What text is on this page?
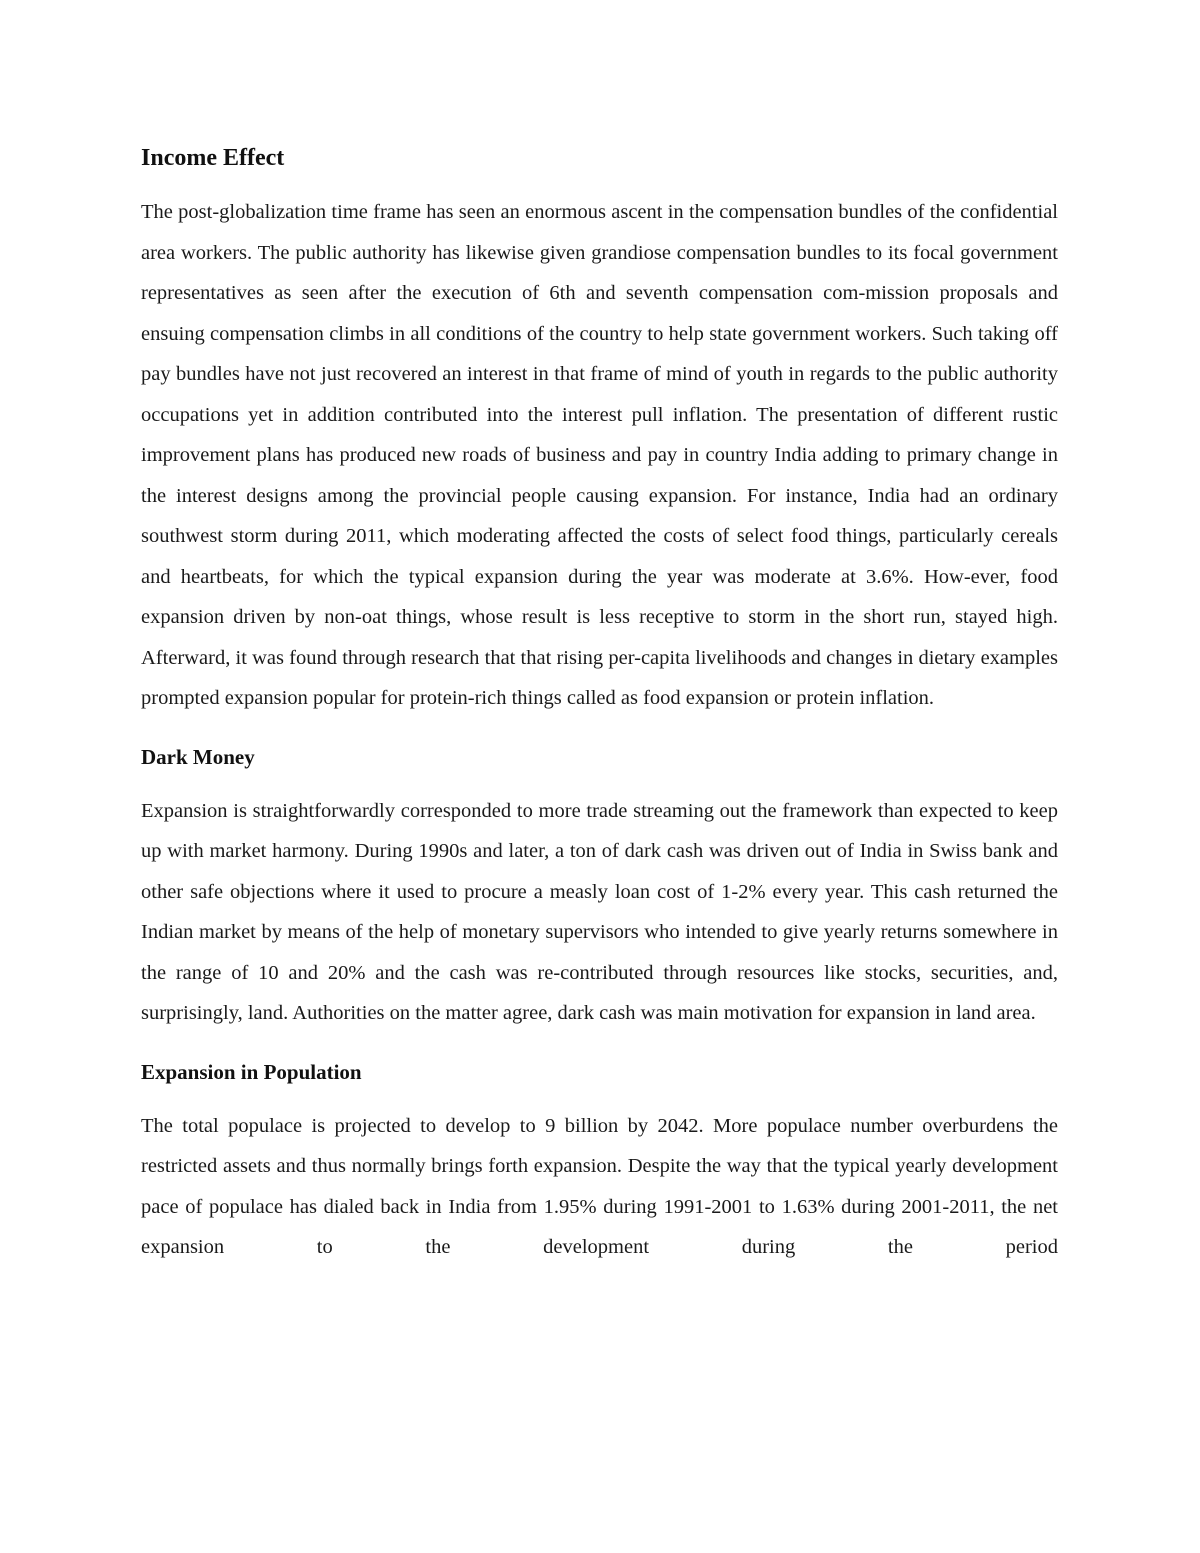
Income Effect

The post-globalization time frame has seen an enormous ascent in the compensation bundles of the confidential area workers. The public authority has likewise given grandiose compensation bundles to its focal government representatives as seen after the execution of 6th and seventh compensation com-mission proposals and ensuing compensation climbs in all conditions of the country to help state government workers. Such taking off pay bundles have not just recovered an interest in that frame of mind of youth in regards to the public authority occupations yet in addition contributed into the interest pull inflation. The presentation of different rustic improvement plans has produced new roads of business and pay in country India adding to primary change in the interest designs among the provincial people causing expansion. For instance, India had an ordinary southwest storm during 2011, which moderating affected the costs of select food things, particularly cereals and heartbeats, for which the typical expansion during the year was moderate at 3.6%. How-ever, food expansion driven by non-oat things, whose result is less receptive to storm in the short run, stayed high. Afterward, it was found through research that that rising per-capita livelihoods and changes in dietary examples prompted expansion popular for protein-rich things called as food expansion or protein inflation.

Dark Money

Expansion is straightforwardly corresponded to more trade streaming out the framework than expected to keep up with market harmony. During 1990s and later, a ton of dark cash was driven out of India in Swiss bank and other safe objections where it used to procure a measly loan cost of 1-2% every year. This cash returned the Indian market by means of the help of monetary supervisors who intended to give yearly returns somewhere in the range of 10 and 20% and the cash was re-contributed through resources like stocks, securities, and, surprisingly, land. Authorities on the matter agree, dark cash was main motivation for expansion in land area.

Expansion in Population

The total populace is projected to develop to 9 billion by 2042. More populace number overburdens the restricted assets and thus normally brings forth expansion. Despite the way that the typical yearly development pace of populace has dialed back in India from 1.95% during 1991-2001 to 1.63% during 2001-2011, the net expansion to the development during the period
